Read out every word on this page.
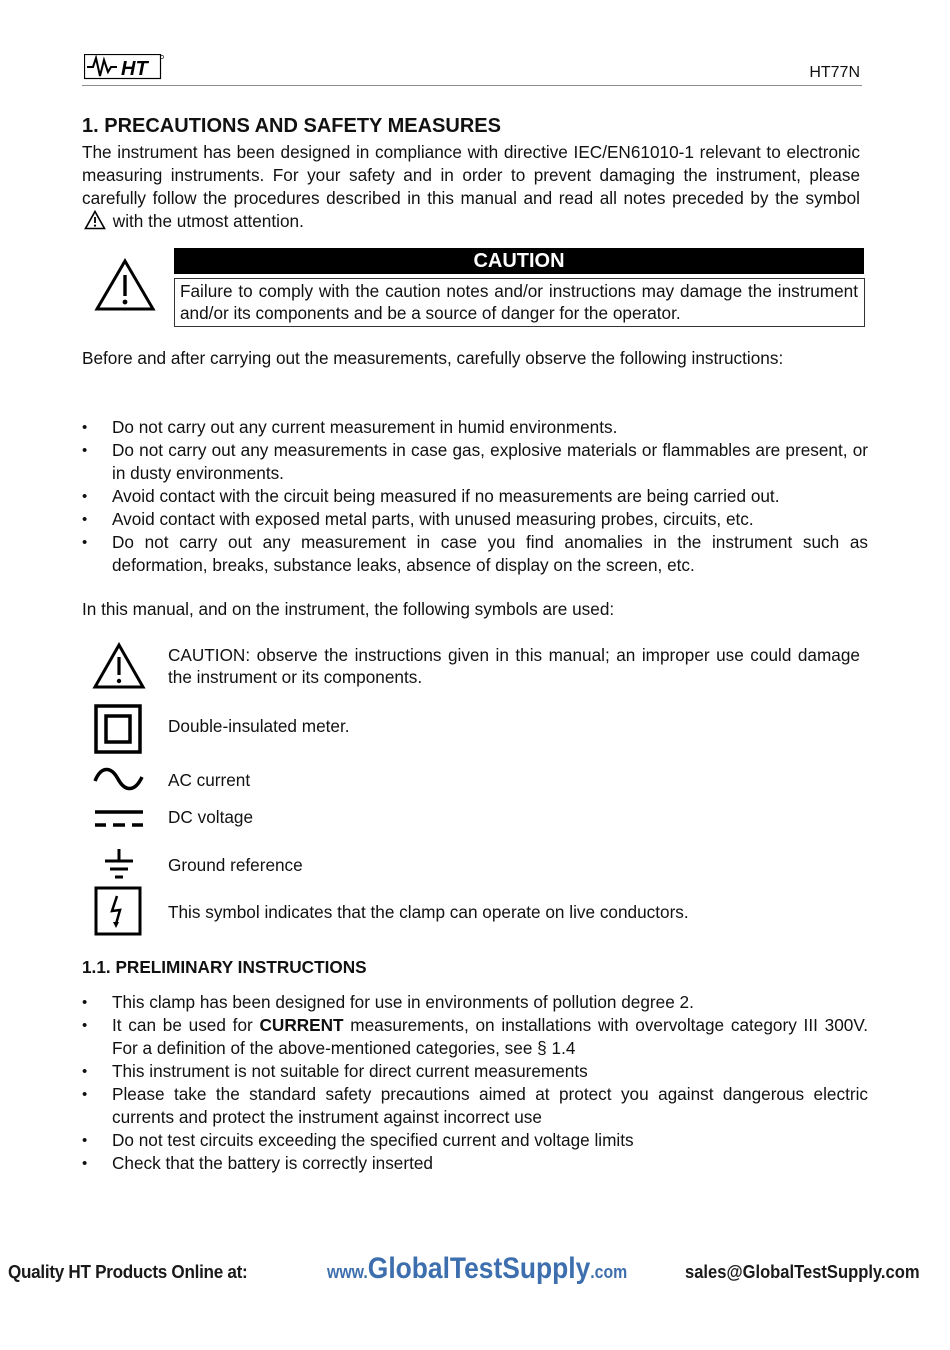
HT	HT77N
1. PRECAUTIONS AND SAFETY MEASURES

The instrument has been designed in compliance with directive IEC/EN61010-1 relevant to electronic measuring instruments. For your safety and in order to prevent damaging the instrument, please carefully follow the procedures described in this manual and read all notes preceded by the symbol  with the utmost attention.

CAUTION
Failure to comply with the caution notes and/or instructions may damage the instrument and/or its components and be a source of danger for the operator.

Before and after carrying out the measurements, carefully observe the following instructions:

• Do not carry out any current measurement in humid environments.
• Do not carry out any measurements in case gas, explosive materials or flammables are present, or in dusty environments.
• Avoid contact with the circuit being measured if no measurements are being carried out.
• Avoid contact with exposed metal parts, with unused measuring probes, circuits, etc.
• Do not carry out any measurement in case you find anomalies in the instrument such as deformation, breaks, substance leaks, absence of display on the screen, etc.

In this manual, and on the instrument, the following symbols are used:

CAUTION: observe the instructions given in this manual; an improper use could damage the instrument or its components.
Double-insulated meter.
AC current
DC voltage
Ground reference
This symbol indicates that the clamp can operate on live conductors.
1.1. PRELIMINARY INSTRUCTIONS
• This clamp has been designed for use in environments of pollution degree 2.
• It can be used for CURRENT measurements, on installations with overvoltage category III 300V. For a definition of the above-mentioned categories, see § 1.4
• This instrument is not suitable for direct current measurements
• Please take the standard safety precautions aimed at protect you against dangerous electric currents and protect the instrument against incorrect use
• Do not test circuits exceeding the specified current and voltage limits
• Check that the battery is correctly inserted
Quality HT Products Online at:	www.GlobalTestSupply.com	sales@GlobalTestSupply.com
